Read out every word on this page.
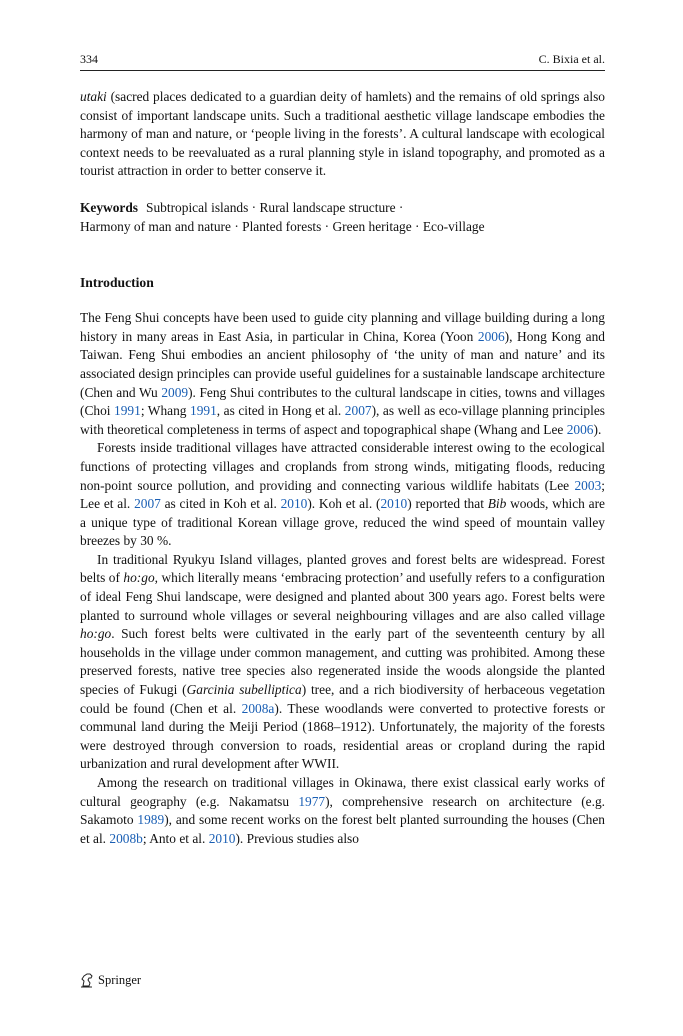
334	C. Bixia et al.

utaki (sacred places dedicated to a guardian deity of hamlets) and the remains of old springs also consist of important landscape units. Such a traditional aesthetic village landscape embodies the harmony of man and nature, or ‘people living in the forests’. A cultural landscape with ecological context needs to be reevaluated as a rural planning style in island topography, and promoted as a tourist attraction in order to better conserve it.

Keywords Subtropical islands · Rural landscape structure ·
Harmony of man and nature · Planted forests · Green heritage · Eco-village
Introduction

The Feng Shui concepts have been used to guide city planning and village building during a long history in many areas in East Asia, in particular in China, Korea (Yoon 2006), Hong Kong and Taiwan. Feng Shui embodies an ancient philosophy of ‘the unity of man and nature’ and its associated design principles can provide useful guidelines for a sustainable landscape architecture (Chen and Wu 2009). Feng Shui contributes to the cultural landscape in cities, towns and villages (Choi 1991; Whang 1991, as cited in Hong et al. 2007), as well as eco-village planning principles with theoretical completeness in terms of aspect and topographical shape (Whang and Lee 2006).

Forests inside traditional villages have attracted considerable interest owing to the ecological functions of protecting villages and croplands from strong winds, mitigating floods, reducing non-point source pollution, and providing and connecting various wildlife habitats (Lee 2003; Lee et al. 2007 as cited in Koh et al. 2010). Koh et al. (2010) reported that Bib woods, which are a unique type of traditional Korean village grove, reduced the wind speed of mountain valley breezes by 30 %.

In traditional Ryukyu Island villages, planted groves and forest belts are widespread. Forest belts of ho:go, which literally means ‘embracing protection’ and usefully refers to a configuration of ideal Feng Shui landscape, were designed and planted about 300 years ago. Forest belts were planted to surround whole villages or several neighbouring villages and are also called village ho:go. Such forest belts were cultivated in the early part of the seventeenth century by all households in the village under common management, and cutting was prohibited. Among these preserved forests, native tree species also regenerated inside the woods alongside the planted species of Fukugi (Garcinia subelliptica) tree, and a rich biodiversity of herbaceous vegetation could be found (Chen et al. 2008a). These woodlands were converted to protective forests or communal land during the Meiji Period (1868–1912). Unfortunately, the majority of the forests were destroyed through conversion to roads, residential areas or cropland during the rapid urbanization and rural development after WWII.

Among the research on traditional villages in Okinawa, there exist classical early works of cultural geography (e.g. Nakamatsu 1977), comprehensive research on architecture (e.g. Sakamoto 1989), and some recent works on the forest belt planted surrounding the houses (Chen et al. 2008b; Anto et al. 2010). Previous studies also

Springer
